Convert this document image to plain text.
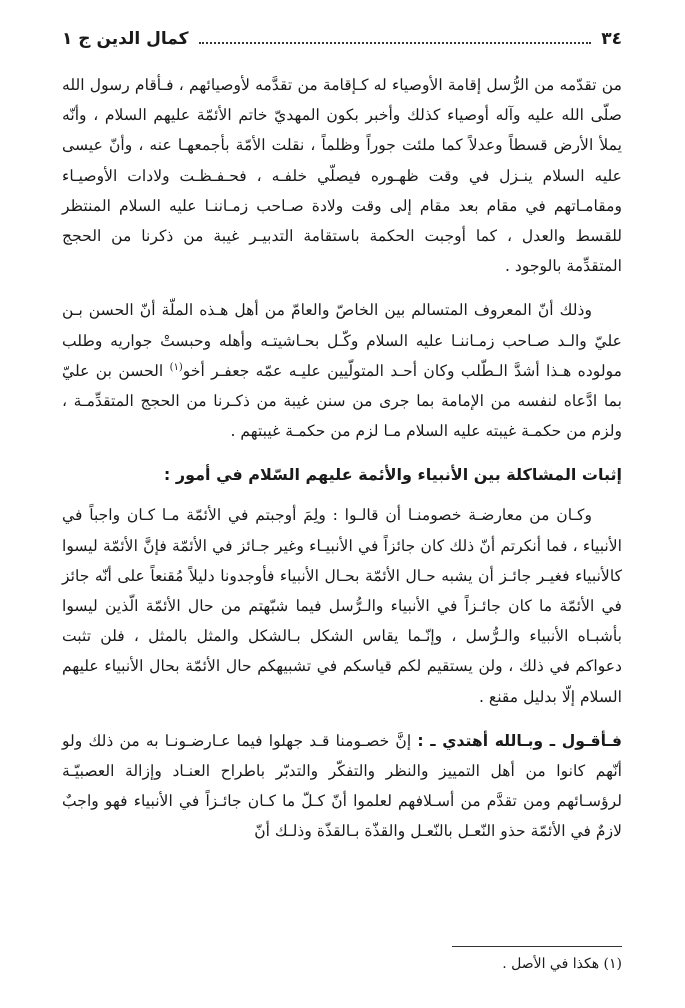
٣٤
كمال الدين ج ١

من تقدّمه من الرُّسل إقامة الأوصياء له كـإقامة من تقدَّمه لأوصيائهم ، فـأقام رسول الله صلّى الله عليه وآله أوصياء كذلك وأخبر بكون المهديّ خاتم الأئمّة عليهم السلام ، وأنّه يملأ الأرض قسطاً وعدلاً كما ملئت جوراً وظلماً ، نقلت الأمّة بأجمعهـا عنه ، وأنّ عيسى عليه السلام ينـزل في وقت ظهـوره فيصلّي خلفـه ، فحـفـظـت ولادات الأوصيـاء ومقامـاتهم في مقام بعد مقام إلى وقت ولادة صـاحب زمـاننـا عليه السلام المنتظر للقسط والعدل ، كما أوجبت الحكمة باستقامة التدبيـر غيبة من ذكرنا من الحجج المتقدِّمة بالوجود .

وذلك أنّ المعروف المتسالم بين الخاصّ والعامّ من أهل هـذه الملّة أنّ الحسن بـن عليّ والـد صـاحب زمـاننـا عليه السلام وكّـل بحـاشيتـه وأهله وحبستْ جواريه وطلب مولوده هـذا أشدَّ الـطّلب وكان أحـد المتولّيين عليـه عمّه جعفـر أخو$^{(١)}$ الحسن بن عليّ بما ادَّعاه لنفسه من الإمامة بما جرى من سنن غيبة من ذكـرنا من الحجج المتقدِّمـة ، ولزم من حكمـة غيبته عليه السلام مـا لزم من حكمـة غيبتهم .

إثبات المشاكلة بين الأنبياء والأئمة عليهم السّلام في أمور :

وكـان من معارضـة خصومنـا أن قالـوا : ولِمَ أوجبتم في الأئمّة مـا كـان واجباً في الأنبياء ، فما أنكرتم أنّ ذلك كان جائزاً في الأنبيـاء وغير جـائز في الأئمّة فإنَّ الأئمّة ليسوا كالأنبياء فغيـر جائـز أن يشبه حـال الأئمّة بحـال الأنبياء فأوجدونا دليلاً مُقنعاً على أنّه جائز في الأئمّة ما كان جائـزاً في الأنبياء والـرُّسل فيما شبّهتم من حال الأئمّة الّذين ليسوا بأشبـاه الأنبياء والـرُّسل ، وإنّـما يقاس الشكل بـالشكل والمثل بالمثل ، فلن تثبت دعواكم في ذلك ، ولن يستقيم لكم قياسكم في تشبيهكم حال الأئمّة بحال الأنبياء عليهم السلام إلّا بدليل مقنع .

فـأقـول ـ وبـالله أهتدي ـ : إنَّ خصـومنا قـد جهلوا فيما عـارضـونـا به من ذلك ولو أنّهم كانوا من أهل التمييز والنظر والتفكّر والتدبّر باطراح العنـاد وإزالة العصبيّـة لرؤسـائهم ومن تقدَّم من أسـلافهم لعلموا أنّ كـلّ ما كـان جائـزاً في الأنبياء فهو واجبٌ لازمٌ في الأئمّة حذو النّعـل بالنّعـل والقذّة بـالقذّة وذلـك أنّ

(١) هكذا في الأصل .
